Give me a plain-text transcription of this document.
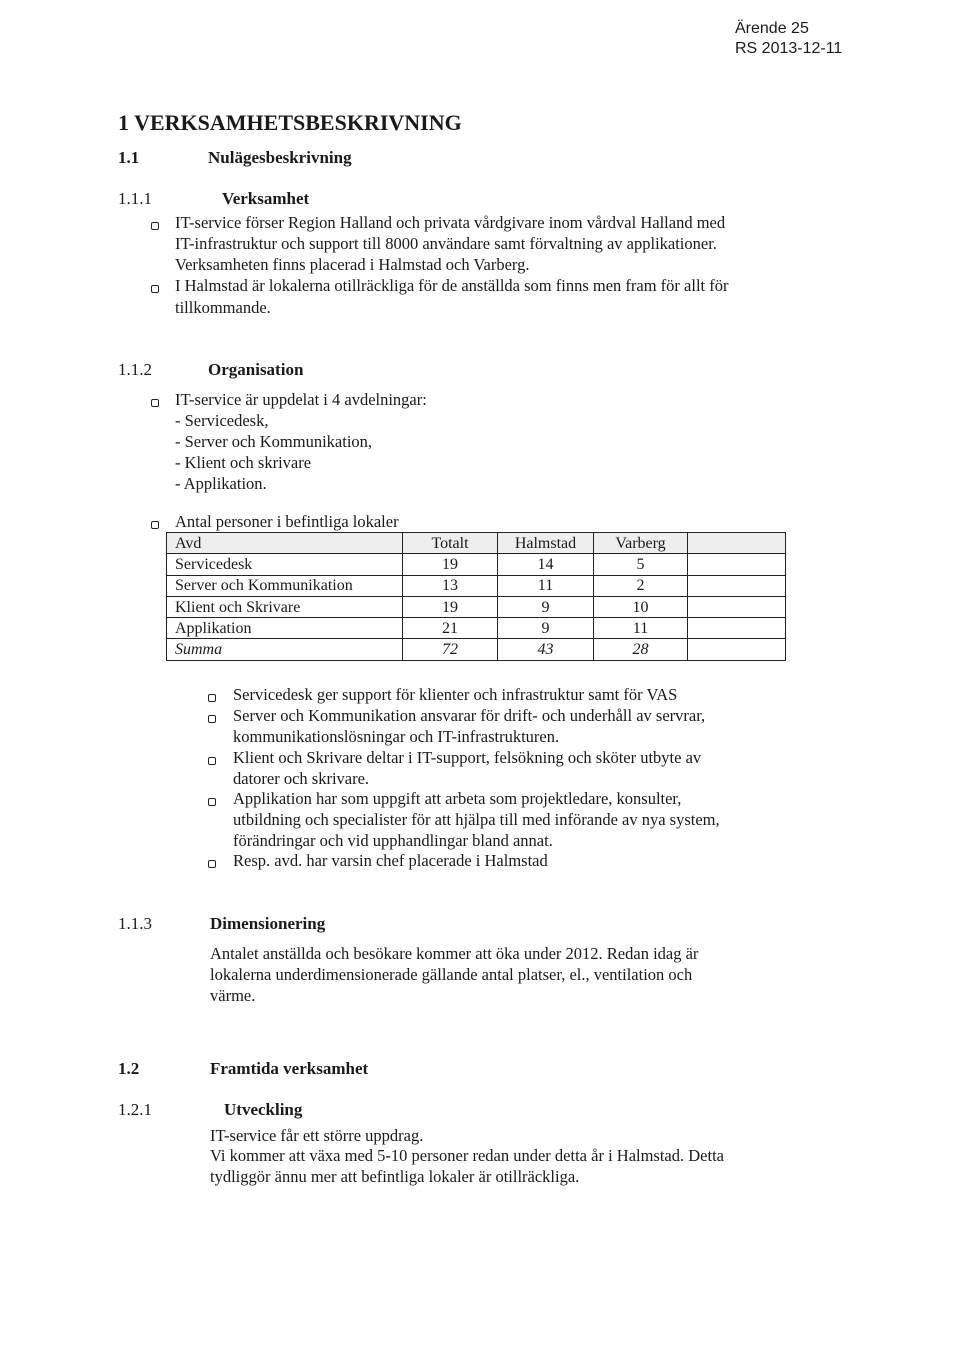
Ärende 25
RS 2013-12-11
1 VERKSAMHETSBESKRIVNING
1.1	Nulägesbeskrivning
1.1.1	Verksamhet
IT-service förser Region Halland och privata vårdgivare inom vårdval Halland med
IT-infrastruktur och support till 8000 användare samt förvaltning av applikationer.
Verksamheten finns placerad i Halmstad och Varberg.
I Halmstad är lokalerna otillräckliga för de anställda som finns men fram för allt för
tillkommande.
1.1.2	Organisation
IT-service är uppdelat i 4 avdelningar:
- Servicedesk,
- Server och Kommunikation,
- Klient och skrivare
- Applikation.
Antal personer i befintliga lokaler
Avd	Totalt	Halmstad	Varberg	
Servicedesk	19	14	5	
Server och Kommunikation	13	11	2	
Klient och Skrivare	19	9	10	
Applikation	21	9	11	
Summa	72	43	28	
Servicedesk ger support för klienter och infrastruktur samt för VAS
Server och Kommunikation ansvarar för drift- och underhåll av servrar,
kommunikationslösningar och IT-infrastrukturen.
Klient och Skrivare deltar i IT-support, felsökning och sköter utbyte av
datorer och skrivare.
Applikation har som uppgift att arbeta som projektledare, konsulter,
utbildning och specialister för att hjälpa till med införande av nya system,
förändringar och vid upphandlingar bland annat.
Resp. avd. har varsin chef placerade i Halmstad
1.1.3	Dimensionering
Antalet anställda och besökare kommer att öka under 2012. Redan idag är
lokalerna underdimensionerade gällande antal platser, el., ventilation och
värme.
1.2	Framtida verksamhet
1.2.1	Utveckling
IT-service får ett större uppdrag.
Vi kommer att växa med 5-10 personer redan under detta år i Halmstad. Detta
tydliggör ännu mer att befintliga lokaler är otillräckliga.
